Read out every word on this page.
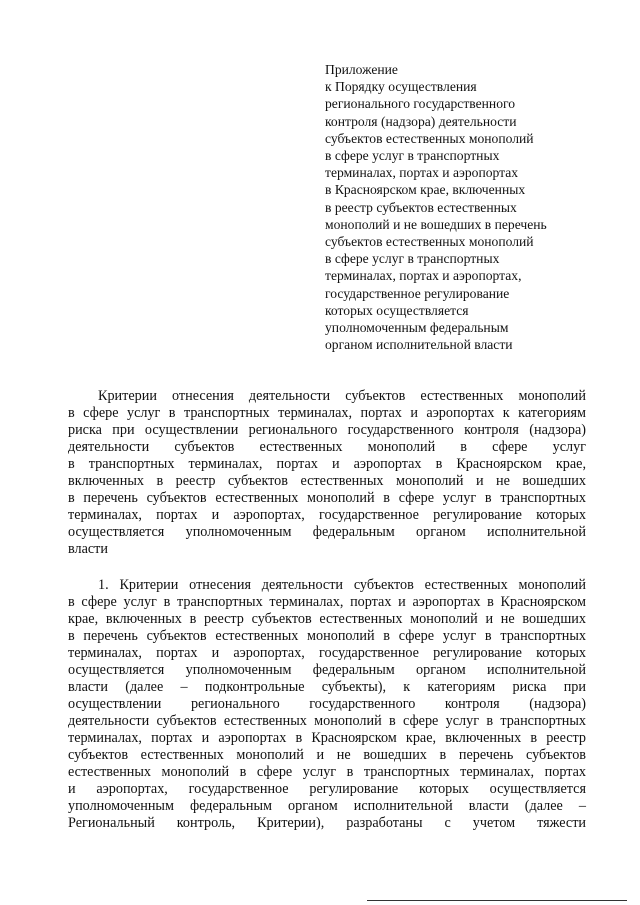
Приложение
к Порядку осуществления
регионального государственного
контроля (надзора) деятельности
субъектов естественных монополий
в сфере услуг в транспортных
терминалах, портах и аэропортах
в Красноярском крае, включенных
в реестр субъектов естественных
монополий и не вошедших в перечень
субъектов естественных монополий
в сфере услуг в транспортных
терминалах, портах и аэропортах,
государственное регулирование
которых осуществляется
уполномоченным федеральным
органом исполнительной власти
Критерии отнесения деятельности субъектов естественных монополий
в сфере услуг в транспортных терминалах, портах и аэропортах к категориям
риска при осуществлении регионального государственного контроля (надзора)
деятельности субъектов естественных монополий в сфере услуг
в транспортных терминалах, портах и аэропортах в Красноярском крае,
включенных в реестр субъектов естественных монополий и не вошедших
в перечень субъектов естественных монополий в сфере услуг в транспортных
терминалах, портах и аэропортах, государственное регулирование которых
осуществляется уполномоченным федеральным органом исполнительной
власти
1. Критерии отнесения деятельности субъектов естественных монополий
в сфере услуг в транспортных терминалах, портах и аэропортах в Красноярском
крае, включенных в реестр субъектов естественных монополий и не вошедших
в перечень субъектов естественных монополий в сфере услуг в транспортных
терминалах, портах и аэропортах, государственное регулирование которых
осуществляется уполномоченным федеральным органом исполнительной
власти (далее – подконтрольные субъекты), к категориям риска при
осуществлении регионального государственного контроля (надзора)
деятельности субъектов естественных монополий в сфере услуг в транспортных
терминалах, портах и аэропортах в Красноярском крае, включенных в реестр
субъектов естественных монополий и не вошедших в перечень субъектов
естественных монополий в сфере услуг в транспортных терминалах, портах
и аэропортах, государственное регулирование которых осуществляется
уполномоченным федеральным органом исполнительной власти (далее –
Региональный контроль, Критерии), разработаны с учетом тяжести
